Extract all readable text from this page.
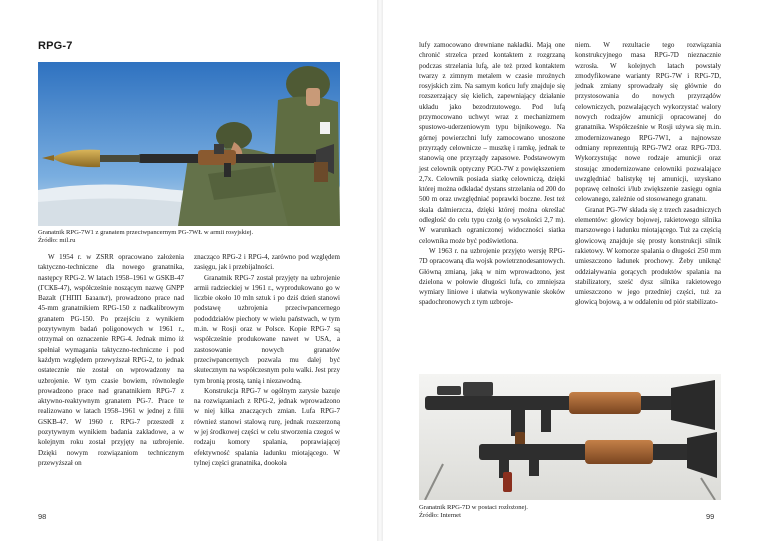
RPG-7
Granatnik RPG-7W1 z granatem przeciwpancernym PG-7WŁ w armii rosyjskiej.
Źródło: mil.ru

W 1954 r. w ZSRR opracowano założenia taktyczno-techniczne dla nowego granatnika, następcy RPG-2. W latach 1958–1961 w GSKB-47 (ГСКБ-47), współcześnie noszącym nazwę GNPP Bazalt (ГНПП Базальт), prowadzono prace nad 45-mm granatnikiem RPG-150 z nadkalibrowym granatem PG-150. Po przejściu z wynikiem pozytywnym badań poligonowych w 1961 r., otrzymał on oznaczenie RPG-4. Jednak mimo iż spełniał wymagania taktyczno-techniczne i pod każdym względem przewyższał RPG-2, to jednak ostatecznie nie został on wprowadzony na uzbrojenie. W tym czasie bowiem, równolegle prowadzono prace nad granatnikiem RPG-7 z aktywno-reaktywnym granatem PG-7. Prace te realizowano w latach 1958–1961 w jednej z filii GSKB-47. W 1960 r. RPG-7 przeszedł z pozytywnym wynikiem badania zakładowe, a w kolejnym roku został przyjęty na uzbrojenie. Dzięki nowym rozwiązaniom technicznym przewyższał on

znacząco RPG-2 i RPG-4, zarówno pod względem zasięgu, jak i przebijalności.

Granatnik RPG-7 został przyjęty na uzbrojenie armii radzieckiej w 1961 r., wyprodukowano go w liczbie około 10 mln sztuk i po dziś dzień stanowi podstawę uzbrojenia przeciwpancernego pododdziałów piechoty w wielu państwach, w tym m.in. w Rosji oraz w Polsce. Kopie RPG-7 są współcześnie produkowane nawet w USA, a zastosowanie nowych granatów przeciwpancernych pozwala mu dalej być skutecznym na współczesnym polu walki. Jest przy tym bronią prostą, tanią i niezawodną.

Konstrukcja RPG-7 w ogólnym zarysie bazuje na rozwiązaniach z RPG-2, jednak wprowadzono w niej kilka znaczących zmian. Lufa RPG-7 również stanowi stalową rurę, jednak rozszerzoną w jej środkowej części w celu stworzenia czegoś w rodzaju komory spalania, poprawiającej efektywność spalania ładunku miotającego. W tylnej części granatnika, dookoła

98

lufy zamocowano drewniane nakładki. Mają one chronić strzelca przed kontaktem z rozgrzaną podczas strzelania lufą, ale też przed kontaktem twarzy z zimnym metalem w czasie mroźnych rosyjskich zim. Na samym końcu lufy znajduje się rozszerzający się kielich, zapewniający działanie układu jako bezodrzutowego. Pod lufą przymocowano uchwyt wraz z mechanizmem spustowo-uderzeniowym typu bijnikowego. Na górnej powierzchni lufy zamocowano unoszone przyrządy celownicze – muszkę i ramkę, jednak te stanowią one przyrządy zapasowe. Podstawowym jest celownik optyczny PGO-7W z powiększeniem 2,7x. Celownik posiada siatkę celowniczą, dzięki której można odkładać dystans strzelania od 200 do 500 m oraz uwzględniać poprawki boczne. Jest też skala dalmierzcza, dzięki której można określać odległość do celu typu czołg (o wysokości 2,7 m). W warunkach ograniczonej widoczności siatka celownika może być podświetlona.

W 1963 r. na uzbrojenie przyjęto wersję RPG-7D opracowaną dla wojsk powietrznodesantowych. Główną zmianą, jaką w nim wprowadzono, jest dzielona w połowie długości lufa, co zmniejsza wymiary liniowe i ułatwia wykonywanie skoków spadochronowych z tym uzbroje-

niem. W rezultacie tego rozwiązania konstrukcyjnego masa RPG-7D nieznacznie wzrosła. W kolejnych latach powstały zmodyfikowane warianty RPG-7W i RPG-7D, jednak zmiany sprowadzały się głównie do przystosowania do nowych przyrządów celowniczych, pozwalających wykorzystać walory nowych rodzajów amunicji opracowanej do granatnika. Współcześnie w Rosji używa się m.in. zmodernizowanego RPG-7W1, a najnowsze odmiany reprezentują RPG-7W2 oraz RPG-7D3. Wykorzystując nowe rodzaje amunicji oraz stosując zmodernizowane celowniki pozwalające uwzględniać balistykę tej amunicji, uzyskano poprawę celności i/lub zwiększenie zasięgu ognia celowanego, zależnie od stosowanego granatu.

Granat PG-7W składa się z trzech zasadniczych elementów: głowicy bojowej, rakietowego silnika marszowego i ładunku miotającego. Tuż za częścią głowicową znajduje się prosty konstrukcji silnik rakietowy. W komorze spalania o długości 250 mm umieszczono ładunek prochowy. Żeby uniknąć oddziaływania gorących produktów spalania na stabilizatory, sześć dysz silnika rakietowego umieszczono w jego przedniej części, tuż za głowicą bojową, a w oddaleniu od piór stabilizato-

Granatnik RPG-7D w postaci rozłożonej.
Źródło: Internet	99
